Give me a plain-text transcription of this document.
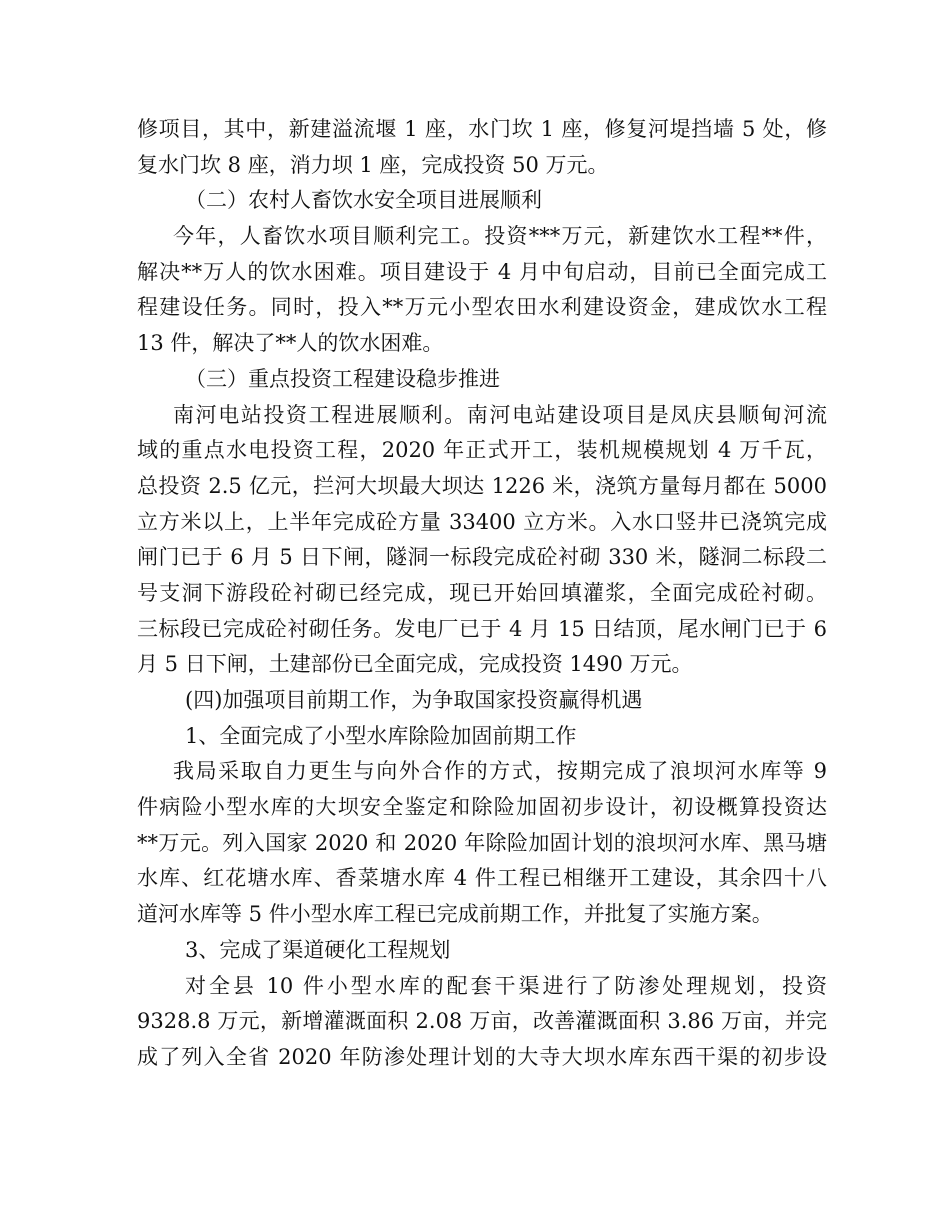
修项目，其中，新建溢流堰 1 座，水门坎 1 座，修复河堤挡墙 5 处，修
复水门坎 8 座，消力坝 1 座，完成投资 50 万元。
（二）农村人畜饮水安全项目进展顺利
今年，人畜饮水项目顺利完工。投资***万元，新建饮水工程**件，
解决**万人的饮水困难。项目建设于 4 月中旬启动，目前已全面完成工
程建设任务。同时，投入**万元小型农田水利建设资金，建成饮水工程
13 件，解决了**人的饮水困难。
（三）重点投资工程建设稳步推进
南河电站投资工程进展顺利。南河电站建设项目是凤庆县顺甸河流
域的重点水电投资工程，2020 年正式开工，装机规模规划 4 万千瓦，
总投资 2.5 亿元，拦河大坝最大坝达 1226 米，浇筑方量每月都在 5000
立方米以上，上半年完成砼方量 33400 立方米。入水口竖井已浇筑完成
闸门已于 6 月 5 日下闸，隧洞一标段完成砼衬砌 330 米，隧洞二标段二
号支洞下游段砼衬砌已经完成，现已开始回填灌浆，全面完成砼衬砌。
三标段已完成砼衬砌任务。发电厂已于 4 月 15 日结顶，尾水闸门已于 6
月 5 日下闸，土建部份已全面完成，完成投资 1490 万元。
(四)加强项目前期工作，为争取国家投资赢得机遇
1、全面完成了小型水库除险加固前期工作
我局采取自力更生与向外合作的方式，按期完成了浪坝河水库等 9
件病险小型水库的大坝安全鉴定和除险加固初步设计，初设概算投资达
**万元。列入国家 2020 和 2020 年除险加固计划的浪坝河水库、黑马塘
水库、红花塘水库、香菜塘水库 4 件工程已相继开工建设，其余四十八
道河水库等 5 件小型水库工程已完成前期工作，并批复了实施方案。
3、完成了渠道硬化工程规划
对全县 10 件小型水库的配套干渠进行了防渗处理规划，投资
9328.8 万元，新增灌溉面积 2.08 万亩，改善灌溉面积 3.86 万亩，并完
成了列入全省 2020 年防渗处理计划的大寺大坝水库东西干渠的初步设
